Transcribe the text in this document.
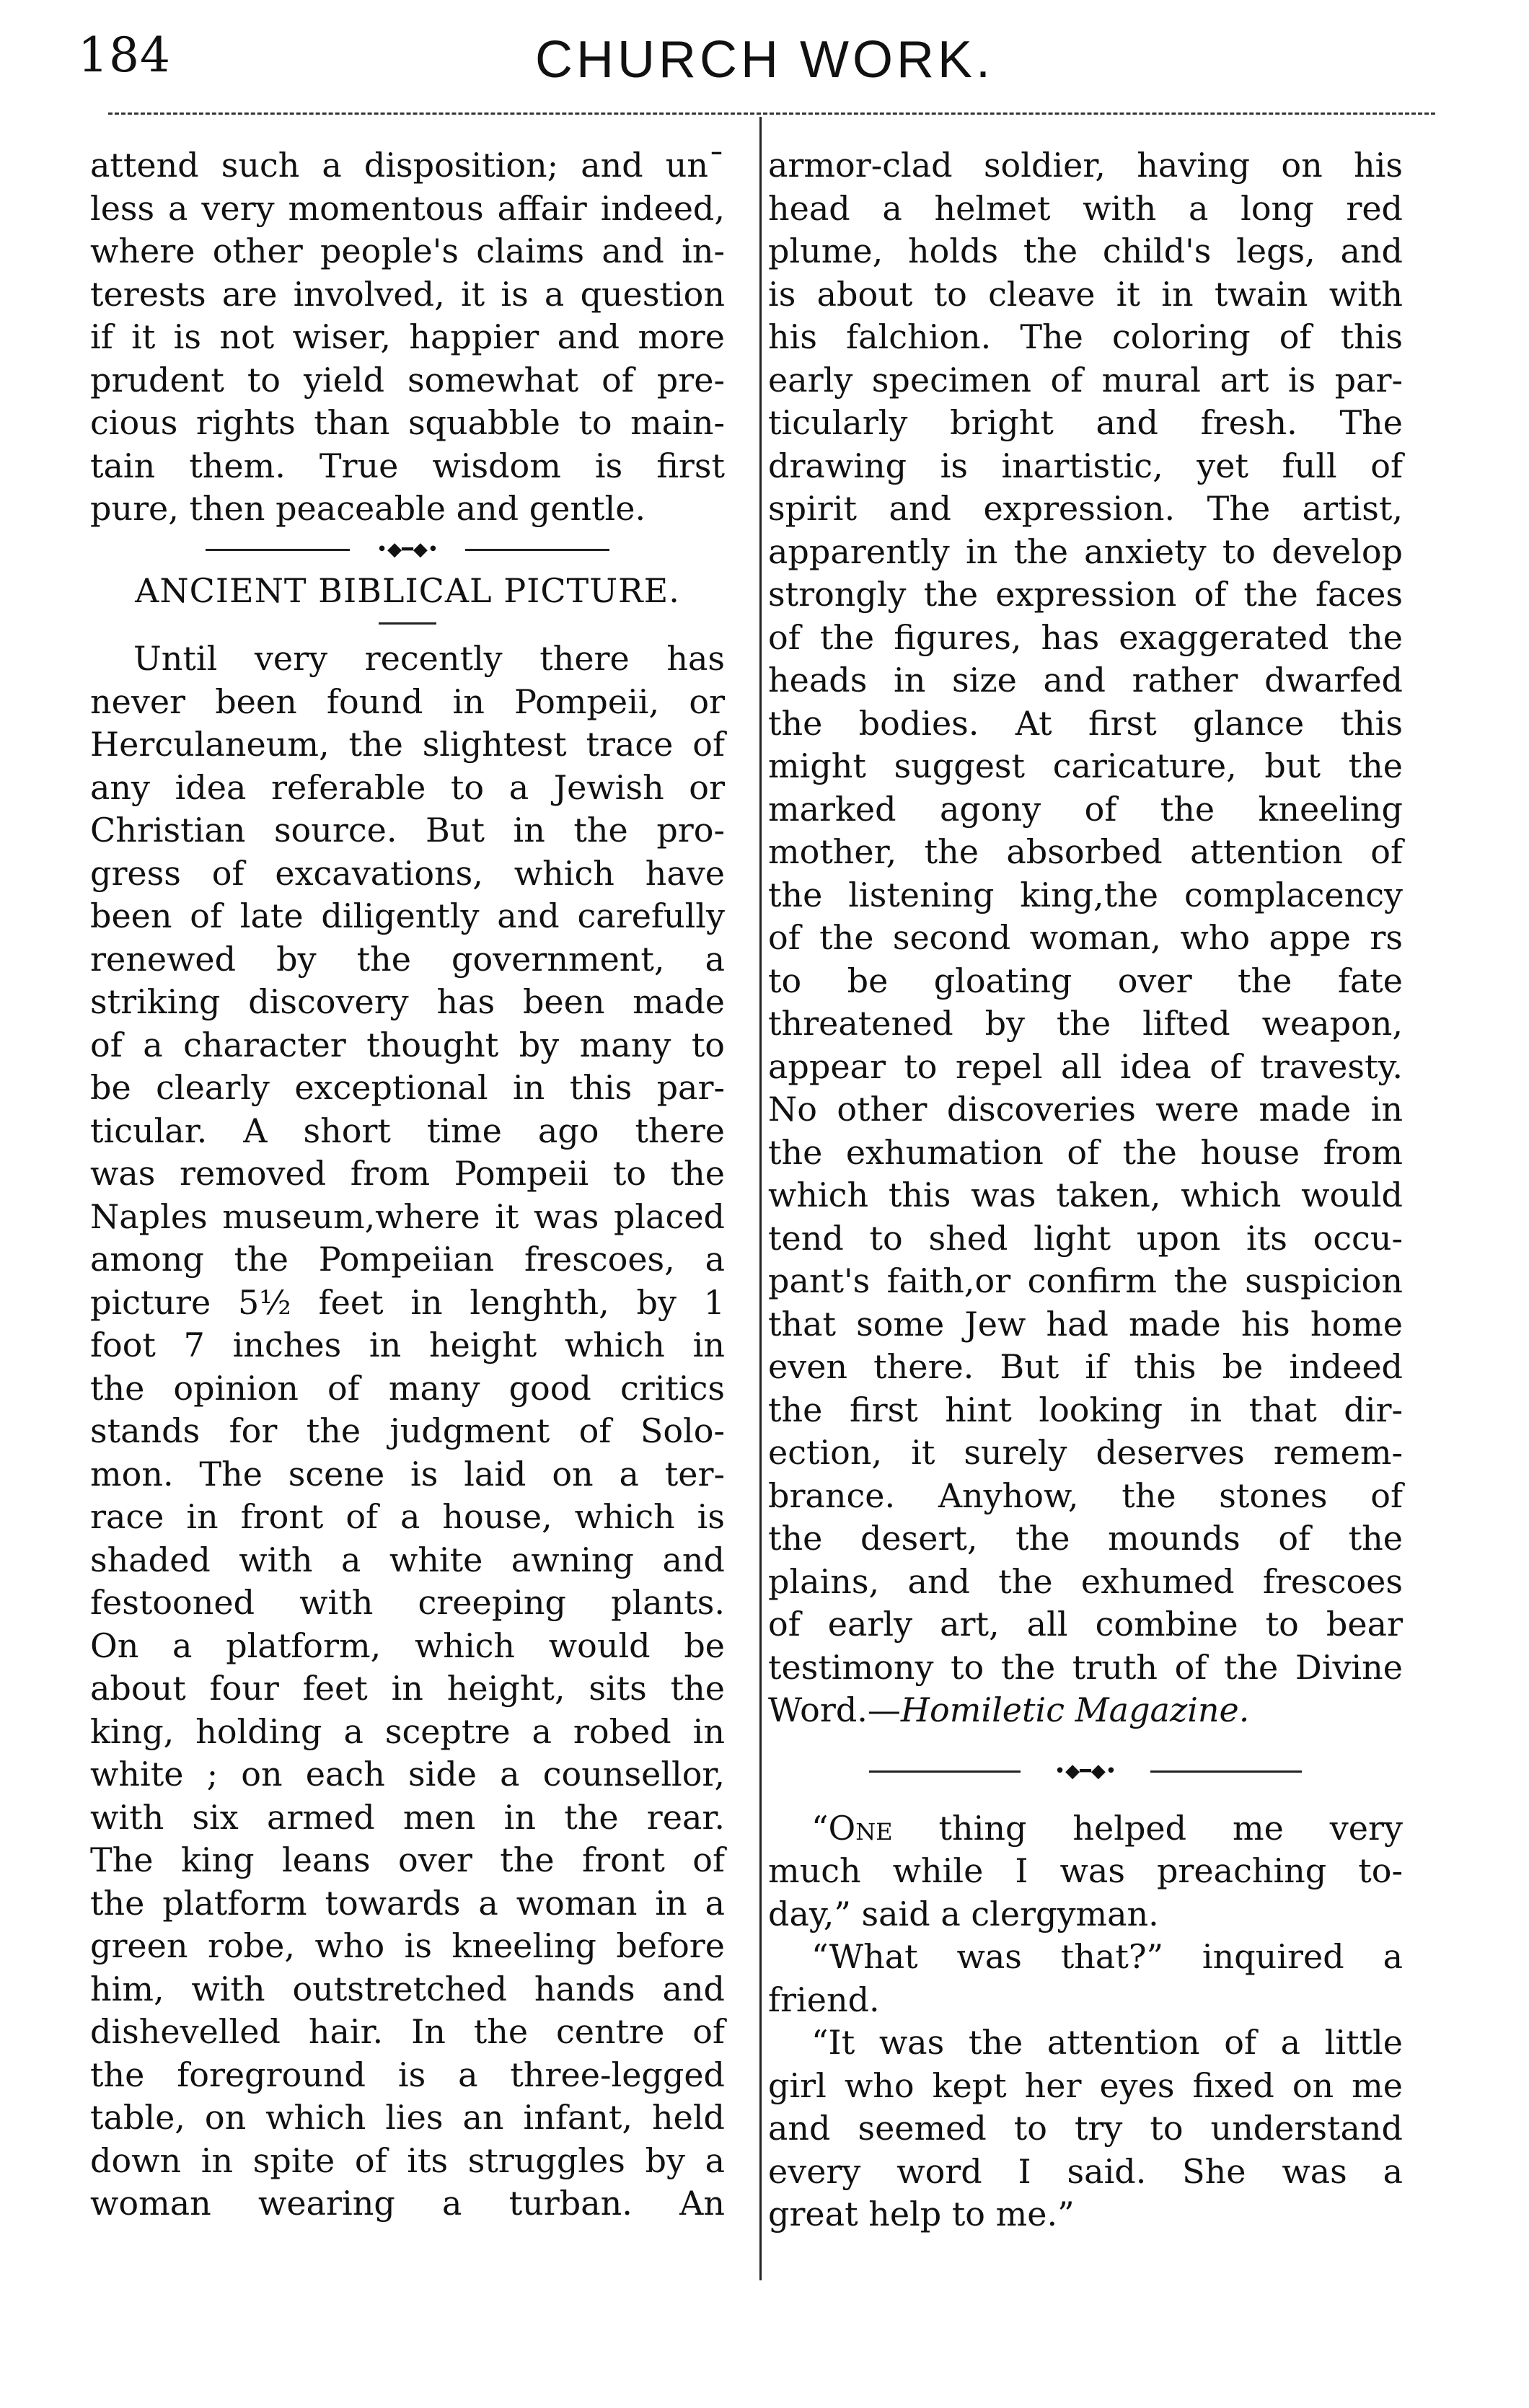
184	CHURCH WORK.

attend such a disposition; and un¯

less a very momentous affair indeed,

where other people's claims and in-

terests are involved, it is a question

if it is not wiser, happier and more

prudent to yield somewhat of pre-

cious rights than squabble to main-

tain them. True wisdom is first

pure, then peaceable and gentle.

•◆━◆•
ANCIENT BIBLICAL PICTURE.

Until very recently there has

never been found in Pompeii, or

Herculaneum, the slightest trace of

any idea referable to a Jewish or

Christian source. But in the pro-

gress of excavations, which have

been of late diligently and carefully

renewed by the government, a

striking discovery has been made

of a character thought by many to

be clearly exceptional in this par-

ticular. A short time ago there

was removed from Pompeii to the

Naples museum,where it was placed

among the Pompeiian frescoes, a

picture 5½ feet in lenghth, by 1

foot 7 inches in height which in

the opinion of many good critics

stands for the judgment of Solo-

mon. The scene is laid on a ter-

race in front of a house, which is

shaded with a white awning and

festooned with creeping plants.

On a platform, which would be

about four feet in height, sits the

king, holding a sceptre a robed in

white ; on each side a counsellor,

with six armed men in the rear.

The king leans over the front of

the platform towards a woman in a

green robe, who is kneeling before

him, with outstretched hands and

dishevelled hair. In the centre of

the foreground is a three-legged

table, on which lies an infant, held

down in spite of its struggles by a

woman wearing a turban. An

armor-clad soldier, having on his

head a helmet with a long red

plume, holds the child's legs, and

is about to cleave it in twain with

his falchion. The coloring of this

early specimen of mural art is par-

ticularly bright and fresh. The

drawing is inartistic, yet full of

spirit and expression. The artist,

apparently in the anxiety to develop

strongly the expression of the faces

of the figures, has exaggerated the

heads in size and rather dwarfed

the bodies. At first glance this

might suggest caricature, but the

marked agony of the kneeling

mother, the absorbed attention of

the listening king,the complacency

of the second woman, who appe rs

to be gloating over the fate

threatened by the lifted weapon,

appear to repel all idea of travesty.

No other discoveries were made in

the exhumation of the house from

which this was taken, which would

tend to shed light upon its occu-

pant's faith,or confirm the suspicion

that some Jew had made his home

even there. But if this be indeed

the first hint looking in that dir-

ection, it surely deserves remem-

brance. Anyhow, the stones of

the desert, the mounds of the

plains, and the exhumed frescoes

of early art, all combine to bear

testimony to the truth of the Divine

Word.—Homiletic Magazine.

•◆━◆•

“One thing helped me very

much while I was preaching to-

day,” said a clergyman.

“What was that?” inquired a

friend.

“It was the attention of a little

girl who kept her eyes fixed on me

and seemed to try to understand

every word I said. She was a

great help to me.”
